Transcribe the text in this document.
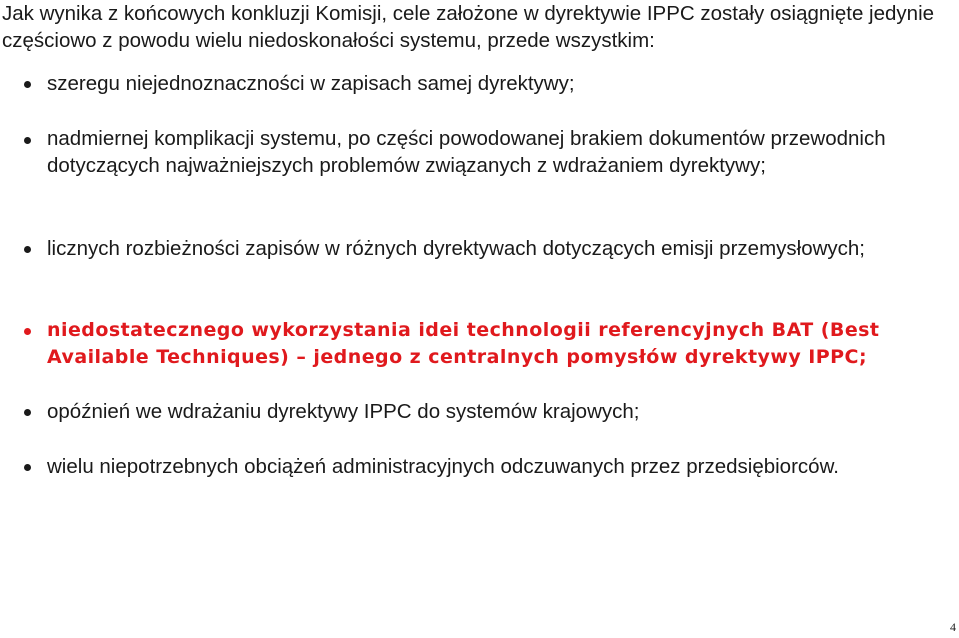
Jak wynika z końcowych konkluzji Komisji, cele założone w dyrektywie IPPC zostały osiągnięte jedynie częściowo z powodu wielu niedoskonałości systemu, przede wszystkim:

szeregu niejednoznaczności w zapisach samej dyrektywy;

nadmiernej komplikacji systemu, po części powodowanej brakiem dokumentów przewodnich dotyczących najważniejszych problemów związanych z wdrażaniem dyrektywy;

licznych rozbieżności zapisów w różnych dyrektywach dotyczących emisji przemysłowych;

niedostatecznego wykorzystania idei technologii referencyjnych BAT (Best Available Techniques) – jednego z centralnych pomysłów dyrektywy IPPC;

opóźnień we wdrażaniu dyrektywy IPPC do systemów krajowych;

wielu niepotrzebnych obciążeń administracyjnych odczuwanych przez przedsiębiorców.

4
